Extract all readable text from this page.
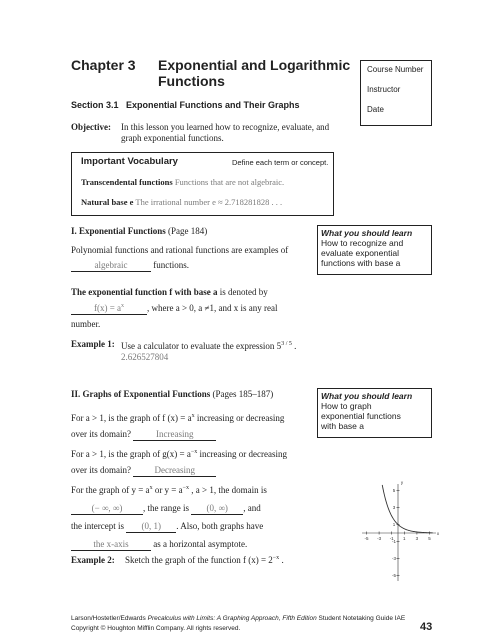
Chapter 3 Exponential and Logarithmic
Functions
Course Number
Instructor
Date
Section 3.1   Exponential Functions and Their Graphs
Objective: In this lesson you learned how to recognize, evaluate, and
graph exponential functions.
Important Vocabulary	Define each term or concept.
Transcendental functions Functions that are not algebraic.
Natural base e The irrational number e ≈ 2.718281828 . . .
I. Exponential Functions (Page 184)
Polynomial functions and rational functions are examples of
algebraic	functions.
The exponential function f with base a is denoted by
$f(x) = a^x$	, where a > 0, a ≠1, and x is any real
number.
What you should learn
How to recognize and
evaluate exponential
functions with base a
Example 1: Use a calculator to evaluate the expression $5^{3 / 5}$ .
2.626527804
II. Graphs of Exponential Functions (Pages 185–187)
For a > 1, is the graph of f $(x) = a^x$ increasing or decreasing
over its domain?	Increasing
For a > 1, is the graph of $g(x) = a^{-x}$ increasing or decreasing
over its domain?	Decreasing
For the graph of $y = a^x$ or $y = a^{-x}$ , a > 1, the domain is
(− ∞, ∞) , the range is (0, ∞) , and
the intercept is (0, 1) . Also, both graphs have
the x-axis	as a horizontal asymptote.
What you should learn
How to graph
exponential functions
with base a
Example 2: Sketch the graph of the function f $(x) = 2^{-x}$ .
-5 -3 -1 1 3 5
5
3
1
-1
-3
-5
x
y
Larson/Hostetler/Edwards Precalculus with Limits: A Graphing Approach, Fifth Edition Student Notetaking Guide IAE
Copyright © Houghton Mifflin Company. All rights reserved.	43
